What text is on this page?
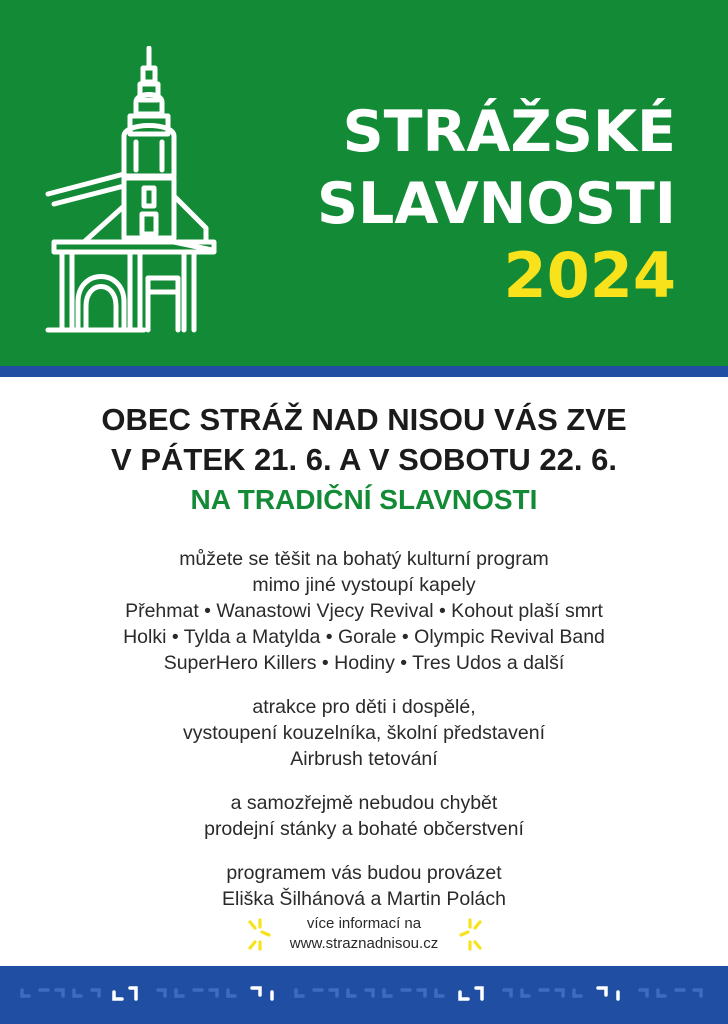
STRÁŽSKÉ
SLAVNOSTI
2024

OBEC STRÁŽ NAD NISOU VÁS ZVE

V PÁTEK 21. 6. A V SOBOTU 22. 6.

NA TRADIČNÍ SLAVNOSTI

můžete se těšit na bohatý kulturní program
mimo jiné vystoupí kapely
Přehmat • Wanastowi Vjecy Revival • Kohout plaší smrt
Holki • Tylda a Matylda • Gorale • Olympic Revival Band
SuperHero Killers • Hodiny • Tres Udos a další
atrakce pro děti i dospělé,
vystoupení kouzelníka, školní představení
Airbrush tetování
a samozřejmě nebudou chybět
prodejní stánky a bohaté občerstvení
programem vás budou provázet
Eliška Šilhánová a Martin Polách
více informací na
www.straznadnisou.cz
